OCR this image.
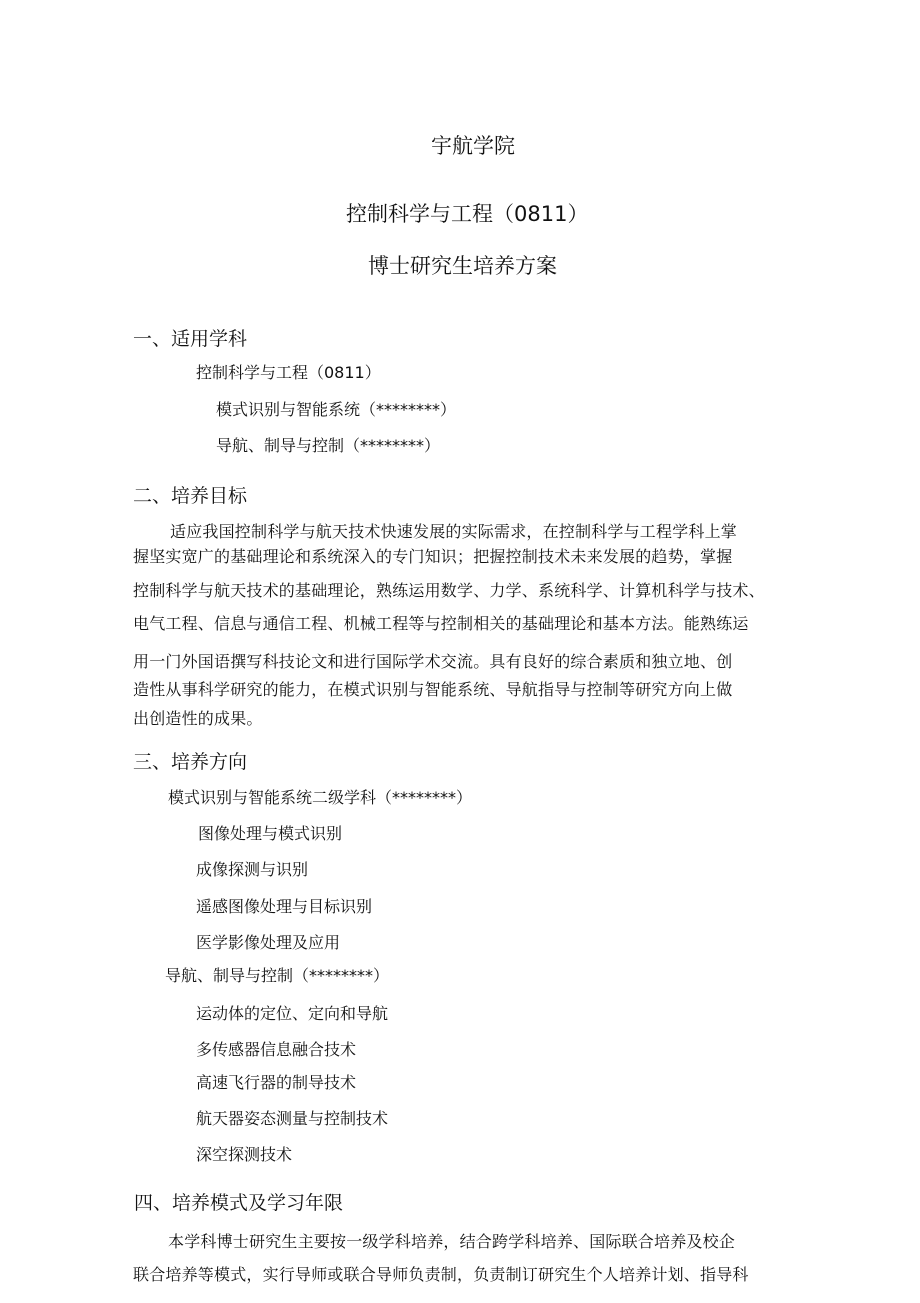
宇航学院
控制科学与工程（0811）
博士研究生培养方案
一、适用学科
控制科学与工程（0811）
模式识别与智能系统（********）
导航、制导与控制（********）
二、培养目标
适应我国控制科学与航天技术快速发展的实际需求，在控制科学与工程学科上掌
握坚实宽广的基础理论和系统深入的专门知识；把握控制技术未来发展的趋势，掌握
控制科学与航天技术的基础理论，熟练运用数学、力学、系统科学、计算机科学与技术、
电气工程、信息与通信工程、机械工程等与控制相关的基础理论和基本方法。能熟练运
用一门外国语撰写科技论文和进行国际学术交流。具有良好的综合素质和独立地、创
造性从事科学研究的能力，在模式识别与智能系统、导航指导与控制等研究方向上做
出创造性的成果。
三、培养方向
模式识别与智能系统二级学科（********）
图像处理与模式识别
成像探测与识别
遥感图像处理与目标识别
医学影像处理及应用
导航、制导与控制（********）
运动体的定位、定向和导航
多传感器信息融合技术
高速飞行器的制导技术
航天器姿态测量与控制技术
深空探测技术
四、培养模式及学习年限
本学科博士研究生主要按一级学科培养，结合跨学科培养、国际联合培养及校企
联合培养等模式，实行导师或联合导师负责制，负责制订研究生个人培养计划、指导科
